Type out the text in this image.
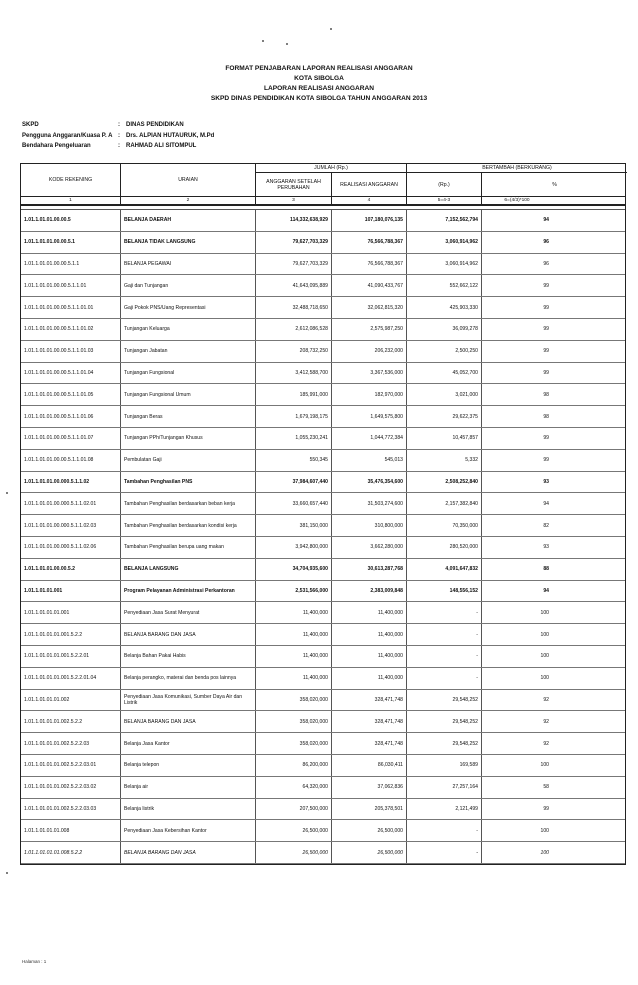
FORMAT PENJABARAN LAPORAN REALISASI ANGGARAN
KOTA SIBOLGA
LAPORAN REALISASI ANGGARAN
SKPD DINAS PENDIDIKAN KOTA SIBOLGA TAHUN ANGGARAN 2013
SKPD	:	DINAS PENDIDIKAN
Pengguna Anggaran/Kuasa P. A :	Drs. ALPIAN HUTAURUK, M.Pd
Bendahara Pengeluaran	:	RAHMAD ALI SITOMPUL
KODE REKENING	URAIAN
JUMLAH (Rp.)
ANGGARAN SETELAH PERUBAHAN	REALISASI ANGGARAN
BERTAMBAH (BERKURANG)
(Rp.)	%
1	2	3	4	5=4-3	6=(4/3)*100
1.01.1.01.01.00.00.5	BELANJA DAERAH	114,332,638,929	107,180,076,135	7,152,562,794	94
1.01.1.01.01.00.00.5.1	BELANJA TIDAK LANGSUNG	79,627,703,329	76,566,788,367	3,060,914,962	96
1.01.1.01.01.00.00.5.1.1	BELANJA PEGAWAI	79,627,703,329	76,566,788,367	3,060,914,962	96
1.01.1.01.01.00.00.5.1.1.01	Gaji dan Tunjangan	41,643,095,889	41,090,433,767	552,662,122	99
1.01.1.01.01.00.00.5.1.1.01.01	Gaji Pokok PNS/Uang Representasi	32,488,718,650	32,062,815,320	425,903,330	99
1.01.1.01.01.00.00.5.1.1.01.02	Tunjangan Keluarga	2,612,086,528	2,575,987,250	36,099,278	99
1.01.1.01.01.00.00.5.1.1.01.03	Tunjangan Jabatan	208,732,250	206,232,000	2,500,250	99
1.01.1.01.01.00.00.5.1.1.01.04	Tunjangan Fungsional	3,412,588,700	3,367,536,000	45,052,700	99
1.01.1.01.01.00.00.5.1.1.01.05	Tunjangan Fungsional Umum	185,991,000	182,970,000	3,021,000	98
1.01.1.01.01.00.00.5.1.1.01.06	Tunjangan Beras	1,679,198,175	1,649,575,800	29,622,375	98
1.01.1.01.01.00.00.5.1.1.01.07	Tunjangan PPh/Tunjangan Khusus	1,055,230,241	1,044,772,384	10,457,857	99
1.01.1.01.01.00.00.5.1.1.01.08	Pembulatan Gaji	550,345	545,013	5,332	99
1.01.1.01.01.00.000.5.1.1.02	Tambahan Penghasilan PNS	37,984,607,440	35,476,354,600	2,508,252,840	93
1.01.1.01.01.00.000.5.1.1.02.01	Tambahan Penghasilan berdasarkan beban kerja	33,660,657,440	31,503,274,600	2,157,382,840	94
1.01.1.01.01.00.000.5.1.1.02.03	Tambahan Penghasilan berdasarkan kondisi kerja	381,150,000	310,800,000	70,350,000	82
1.01.1.01.01.00.000.5.1.1.02.06	Tambahan Penghasilan berupa uang makan	3,942,800,000	3,662,280,000	280,520,000	93
1.01.1.01.01.00.00.5.2	BELANJA LANGSUNG	34,704,935,600	30,613,287,768	4,091,647,832	88
1.01.1.01.01.001	Program Pelayanan Administrasi Perkantoran	2,531,566,000	2,383,009,848	148,556,152	94
1.01.1.01.01.01.001	Penyediaan Jasa Surat Menyurat	11,400,000	11,400,000	-	100
1.01.1.01.01.01.001.5.2.2	BELANJA BARANG DAN JASA	11,400,000	11,400,000	-	100
1.01.1.01.01.01.001.5.2.2.01	Belanja Bahan Pakai Habis	11,400,000	11,400,000	-	100
1.01.1.01.01.01.001.5.2.2.01.04	Belanja perangko, materai dan benda pos lainnya	11,400,000	11,400,000	-	100
1.01.1.01.01.01.002	Penyediaan Jasa Komunikasi, Sumber Daya Air dan Listrik	358,020,000	328,471,748	29,548,252	92
1.01.1.01.01.01.002.5.2.2	BELANJA BARANG DAN JASA	358,020,000	328,471,748	29,548,252	92
1.01.1.01.01.01.002.5.2.2.03	Belanja Jasa Kantor	358,020,000	328,471,748	29,548,252	92
1.01.1.01.01.01.002.5.2.2.03.01	Belanja telepon	86,200,000	86,030,411	169,589	100
1.01.1.01.01.01.002.5.2.2.03.02	Belanja air	64,320,000	37,062,836	27,257,164	58
1.01.1.01.01.01.002.5.2.2.03.03	Belanja listrik	207,500,000	205,378,501	2,121,499	99
1.01.1.01.01.01.008	Penyediaan Jasa Kebersihan Kantor	26,500,000	26,500,000	-	100
1.01.1.01.01.01.008.5.2.2	BELANJA BARANG DAN JASA	26,500,000	26,500,000	-	100
Halaman : 1
